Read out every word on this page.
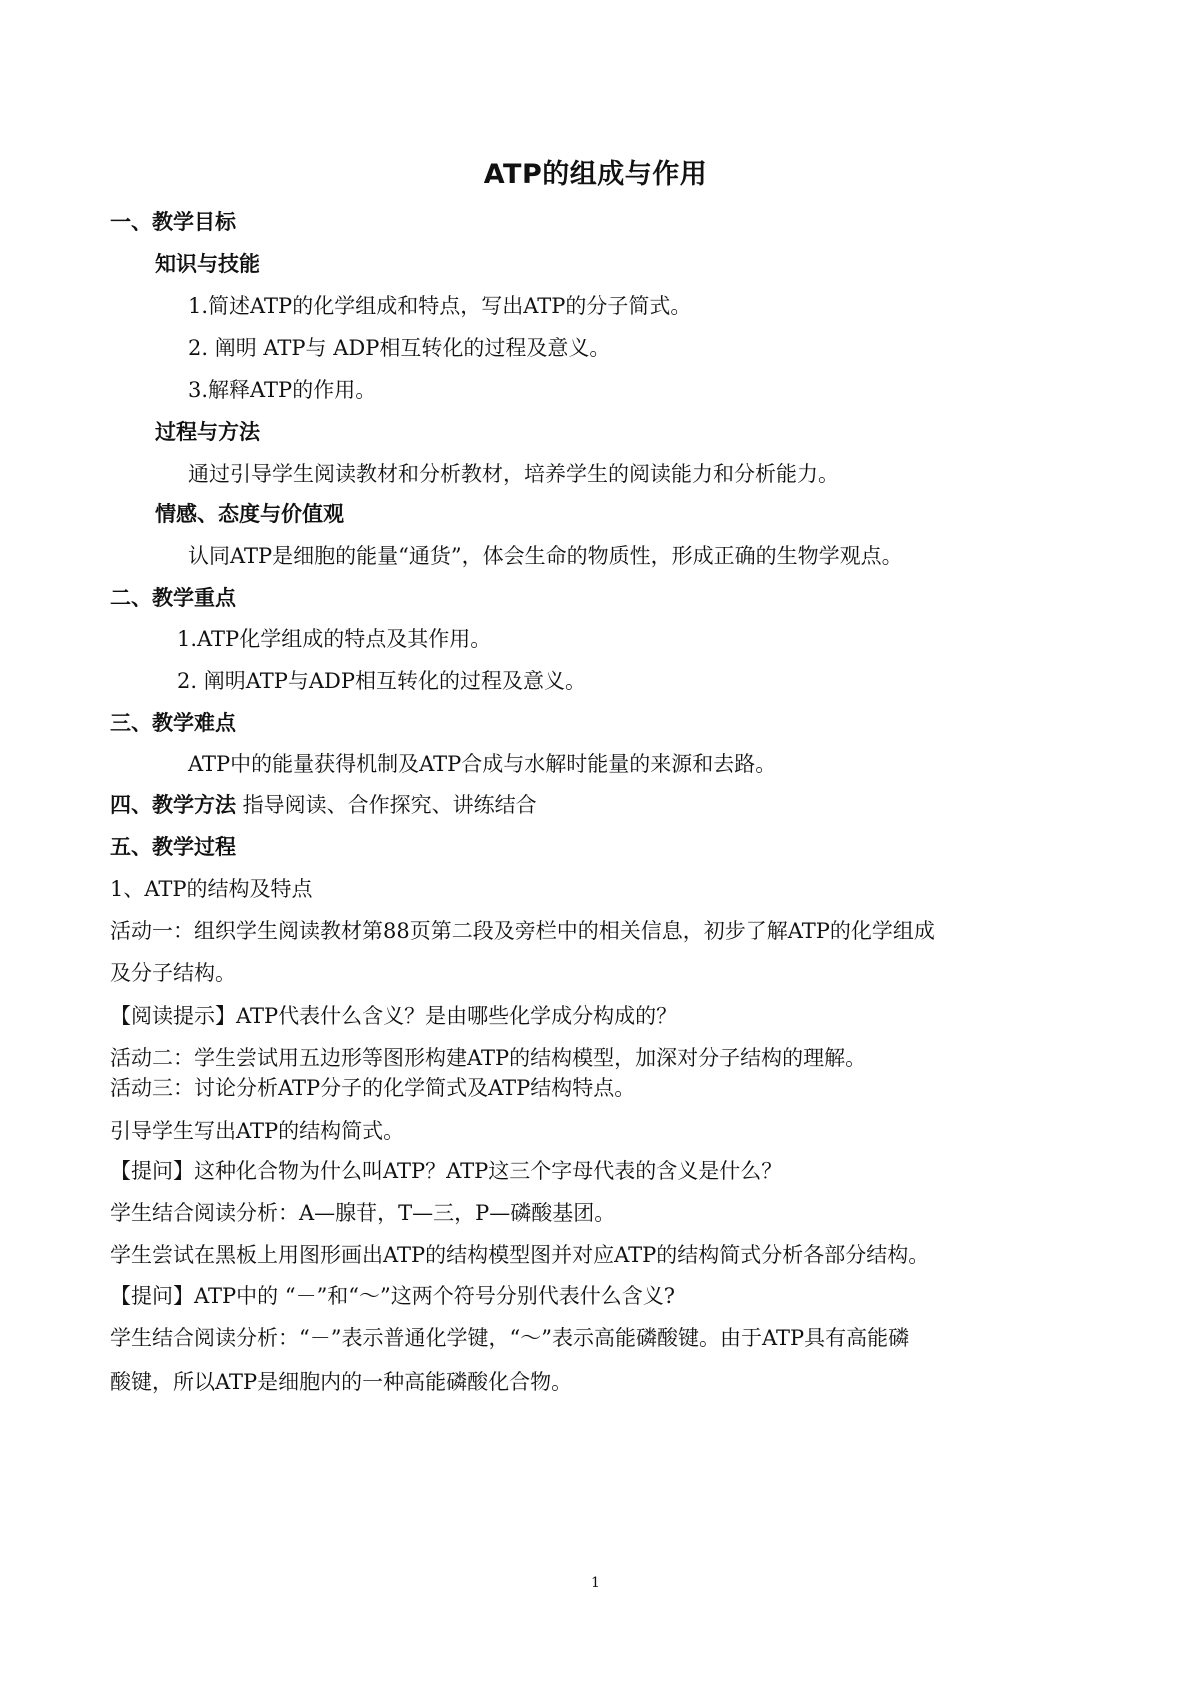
ATP的组成与作用
一、教学目标
知识与技能
1.简述ATP的化学组成和特点，写出ATP的分子简式。
2. 阐明 ATP与 ADP相互转化的过程及意义。
3.解释ATP的作用。
过程与方法
通过引导学生阅读教材和分析教材，培养学生的阅读能力和分析能力。
情感、态度与价值观
认同ATP是细胞的能量“通货”，体会生命的物质性，形成正确的生物学观点。
二、教学重点
1.ATP化学组成的特点及其作用。
2. 阐明ATP与ADP相互转化的过程及意义。
三、教学难点
ATP中的能量获得机制及ATP合成与水解时能量的来源和去路。
四、教学方法 指导阅读、合作探究、讲练结合
五、教学过程
1、ATP的结构及特点
活动一：组织学生阅读教材第88页第二段及旁栏中的相关信息，初步了解ATP的化学组成
及分子结构。
【阅读提示】ATP代表什么含义？是由哪些化学成分构成的？
活动二：学生尝试用五边形等图形构建ATP的结构模型，加深对分子结构的理解。
活动三：讨论分析ATP分子的化学简式及ATP结构特点。
引导学生写出ATP的结构简式。
【提问】这种化合物为什么叫ATP？ATP这三个字母代表的含义是什么？
学生结合阅读分析：A—腺苷，T—三，P—磷酸基团。
学生尝试在黑板上用图形画出ATP的结构模型图并对应ATP的结构简式分析各部分结构。
【提问】ATP中的 “－”和“～”这两个符号分别代表什么含义?
学生结合阅读分析：“－”表示普通化学键，“～”表示高能磷酸键。由于ATP具有高能磷
酸键，所以ATP是细胞内的一种高能磷酸化合物。
1
